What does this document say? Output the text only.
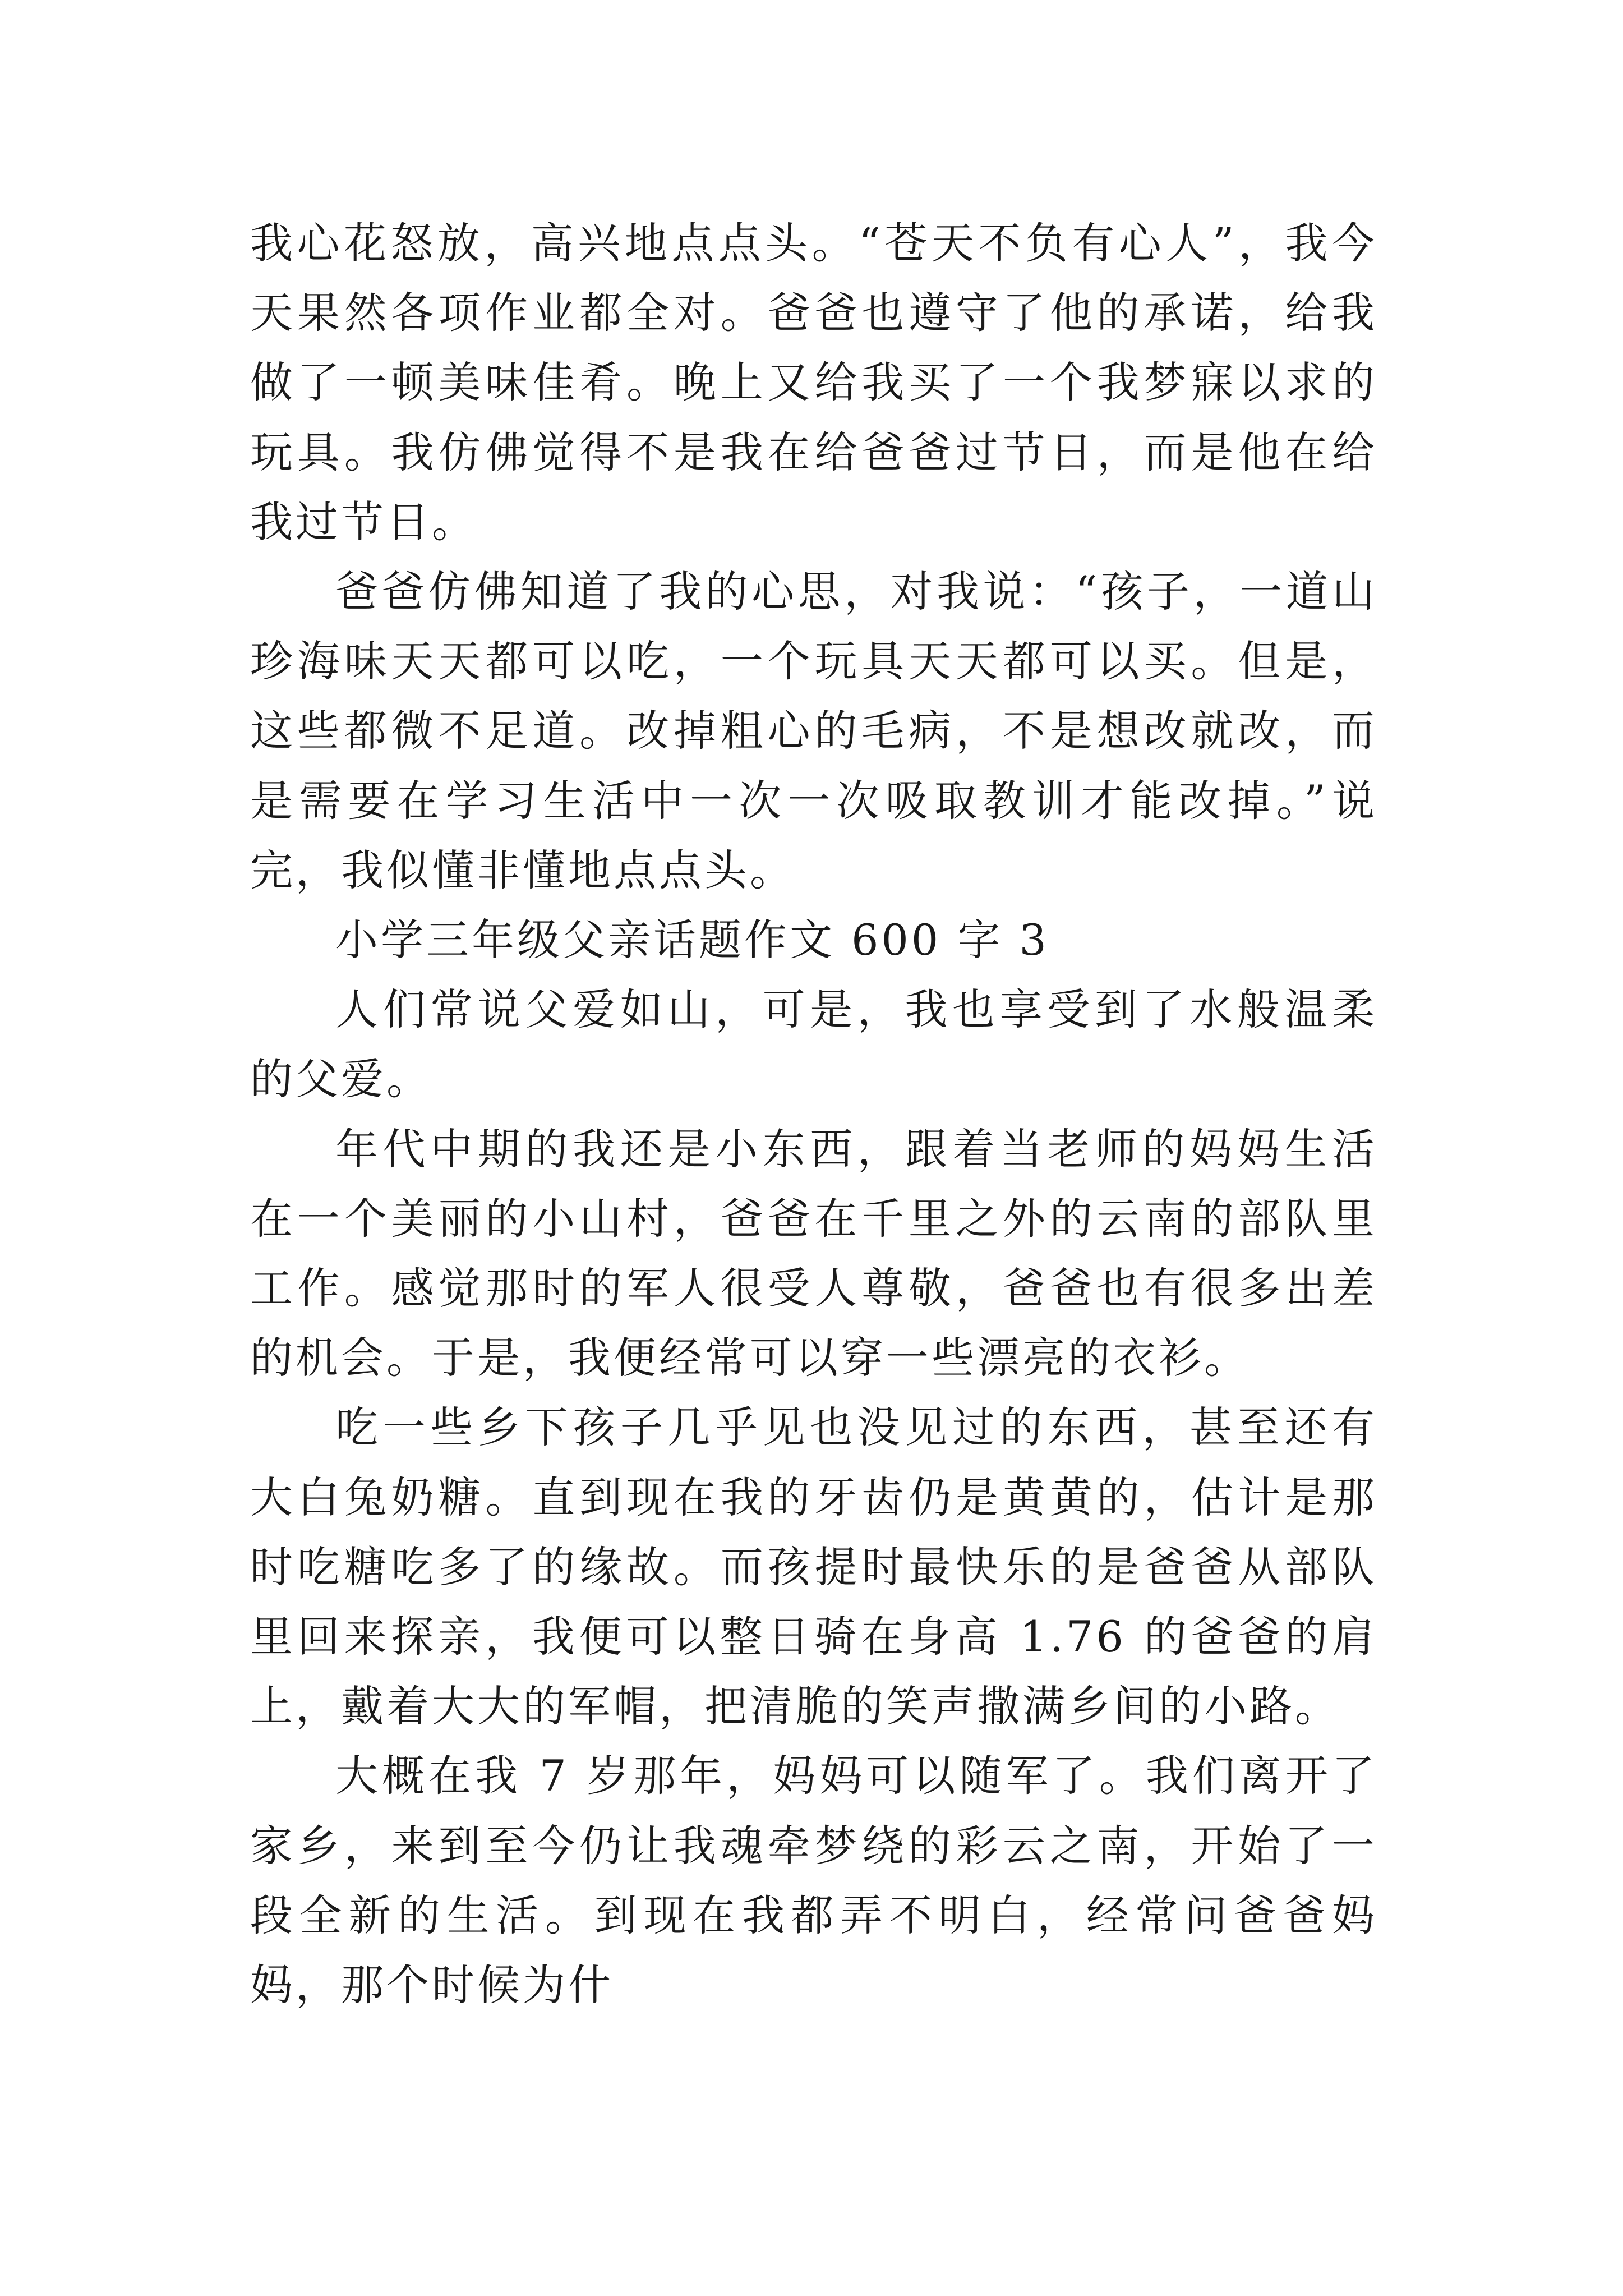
我心花怒放，高兴地点点头。“苍天不负有心人”，我今天果然各项作业都全对。爸爸也遵守了他的承诺，给我做了一顿美味佳肴。晚上又给我买了一个我梦寐以求的玩具。我仿佛觉得不是我在给爸爸过节日，而是他在给我过节日。

爸爸仿佛知道了我的心思，对我说：“孩子，一道山珍海味天天都可以吃，一个玩具天天都可以买。但是，这些都微不足道。改掉粗心的毛病，不是想改就改，而是需要在学习生活中一次一次吸取教训才能改掉。”说完，我似懂非懂地点点头。

小学三年级父亲话题作文 600 字 3

人们常说父爱如山，可是，我也享受到了水般温柔的父爱。

年代中期的我还是小东西，跟着当老师的妈妈生活在一个美丽的小山村，爸爸在千里之外的云南的部队里工作。感觉那时的军人很受人尊敬，爸爸也有很多出差的机会。于是，我便经常可以穿一些漂亮的衣衫。

吃一些乡下孩子几乎见也没见过的东西，甚至还有大白兔奶糖。直到现在我的牙齿仍是黄黄的，估计是那时吃糖吃多了的缘故。而孩提时最快乐的是爸爸从部队里回来探亲，我便可以整日骑在身高 1.76 的爸爸的肩上，戴着大大的军帽，把清脆的笑声撒满乡间的小路。

大概在我 7 岁那年，妈妈可以随军了。我们离开了家乡，来到至今仍让我魂牵梦绕的彩云之南，开始了一段全新的生活。到现在我都弄不明白，经常问爸爸妈妈，那个时候为什
